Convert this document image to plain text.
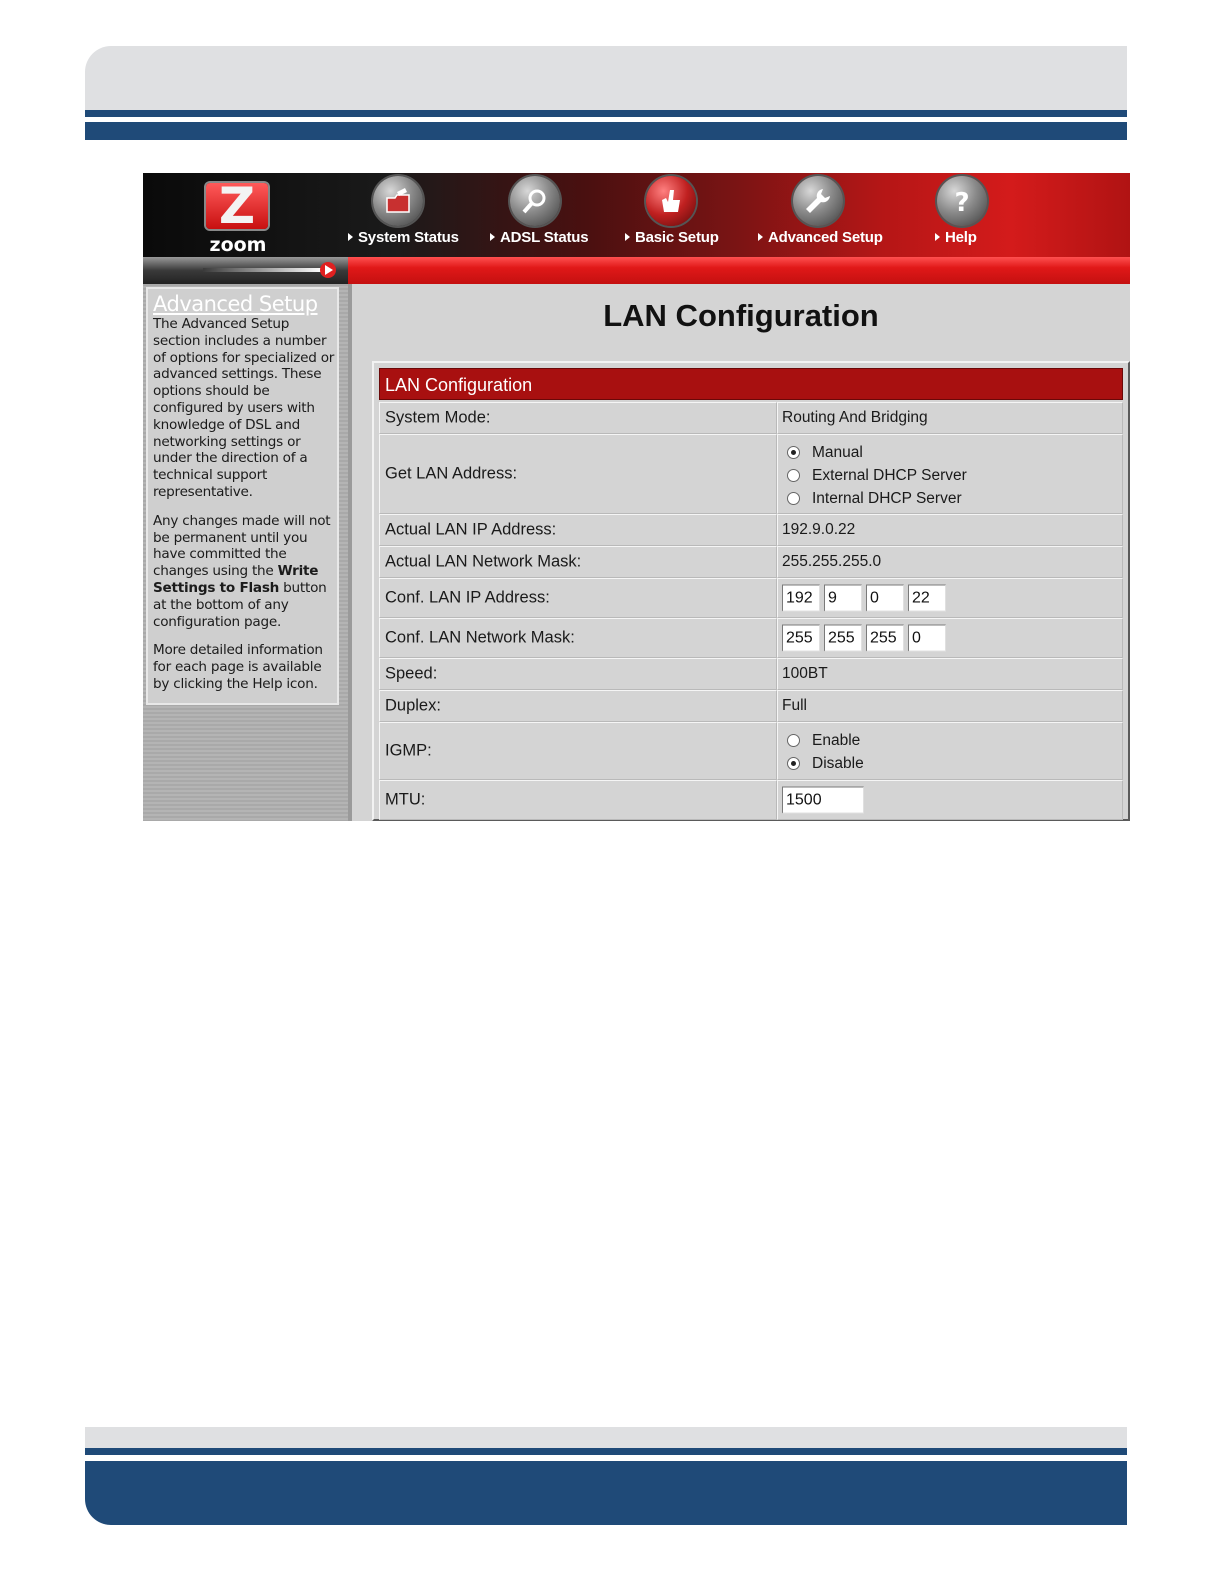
Z
zoom	System Status	ADSL Status	Basic Setup	Advanced Setup
?
Help
Advanced Setup

The Advanced Setup section includes a number of options for specialized or advanced settings. These options should be configured by users with knowledge of DSL and networking settings or under the direction of a technical support representative.

Any changes made will not be permanent until you have committed the changes using the Write Settings to Flash button at the bottom of any configuration page.

More detailed information for each page is available by clicking the Help icon.

LAN Configuration
LAN Configuration
System Mode:	Routing And Bridging
Get LAN Address:
Manual
External DHCP Server
Internal DHCP Server
Actual LAN IP Address:	192.9.0.22
Actual LAN Network Mask:	255.255.255.0
Conf. LAN IP Address:	192 9	0	22
Conf. LAN Network Mask:	255 255 255 0
Speed:	100BT
Duplex:	Full
IGMP:
Enable
Disable
MTU:	1500
